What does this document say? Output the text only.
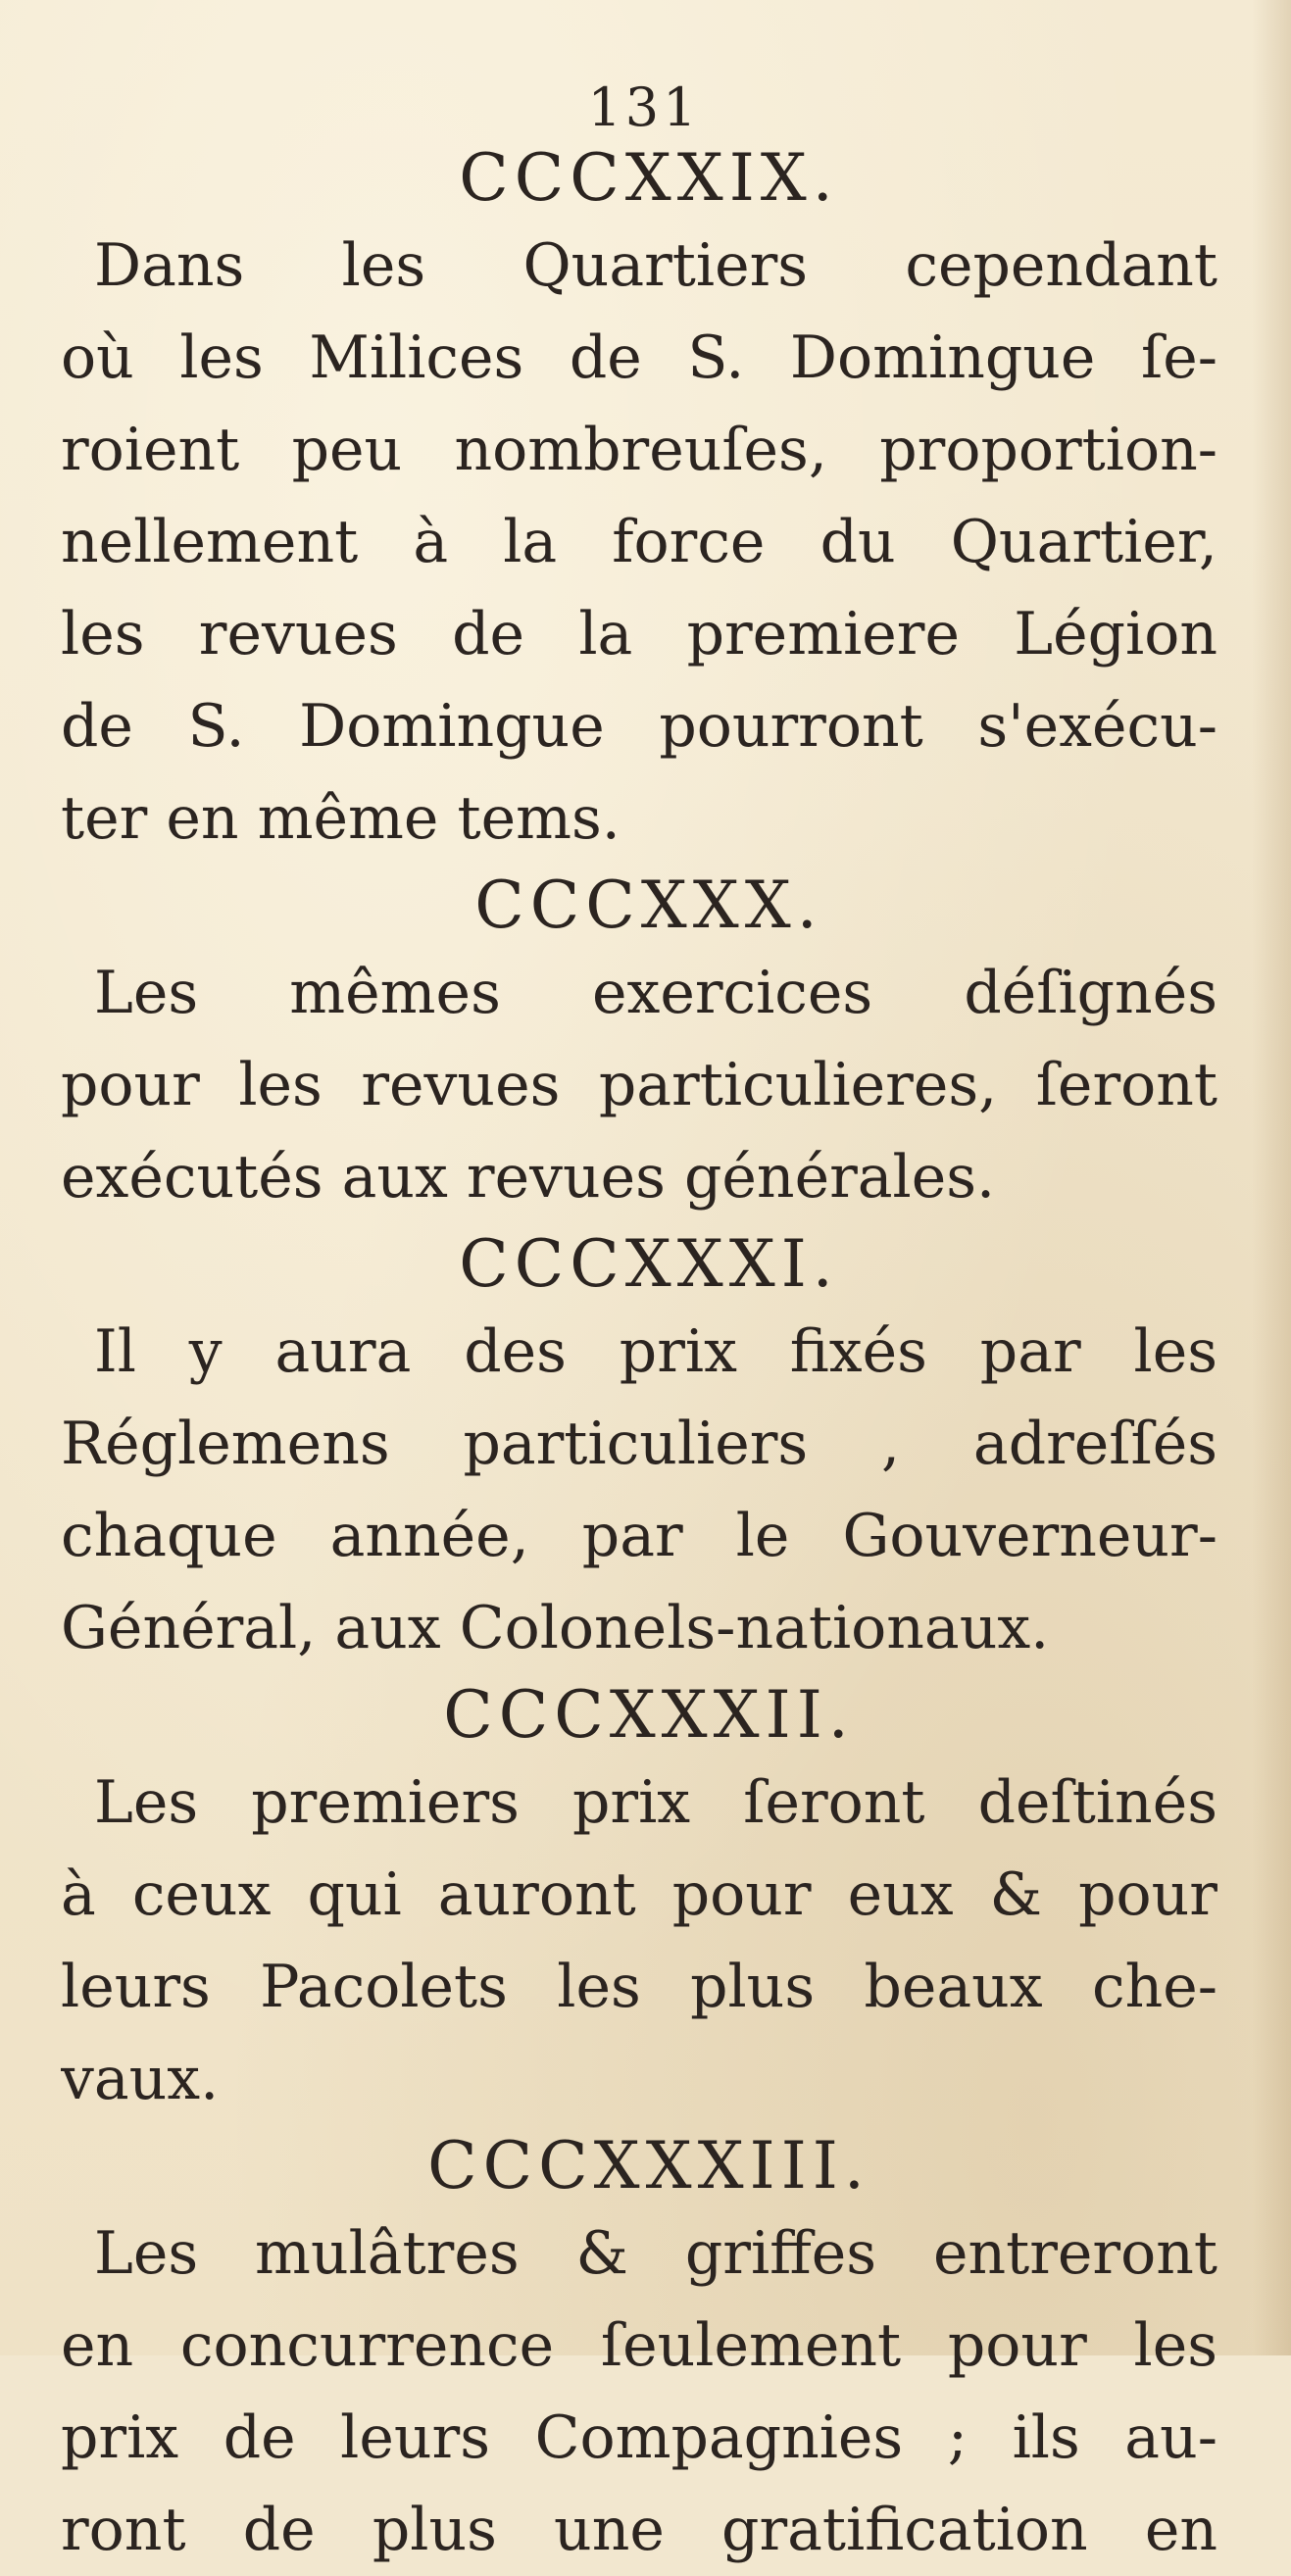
131
CCCXXIX.
Dans les Quartiers cependant
où les Milices de S. Domingue ſe-
roient peu nombreuſes, proportion-
nellement à la force du Quartier,
les revues de la premiere Légion
de S. Domingue pourront s'exécu-
ter en même tems.
CCCXXX.
Les mêmes exercices déſignés
pour les revues particulieres, ſeront
exécutés aux revues générales.
CCCXXXI.
Il y aura des prix fixés par les
Réglemens particuliers , adreſſés
chaque année, par le Gouverneur-
Général, aux Colonels-nationaux.
CCCXXXII.
Les premiers prix ſeront deſtinés
à ceux qui auront pour eux & pour
leurs Pacolets les plus beaux che-
vaux.
CCCXXXIII.
Les mulâtres & griffes entreront
en concurrence ſeulement pour les
prix de leurs Compagnies ; ils au-
ront de plus une gratification en
